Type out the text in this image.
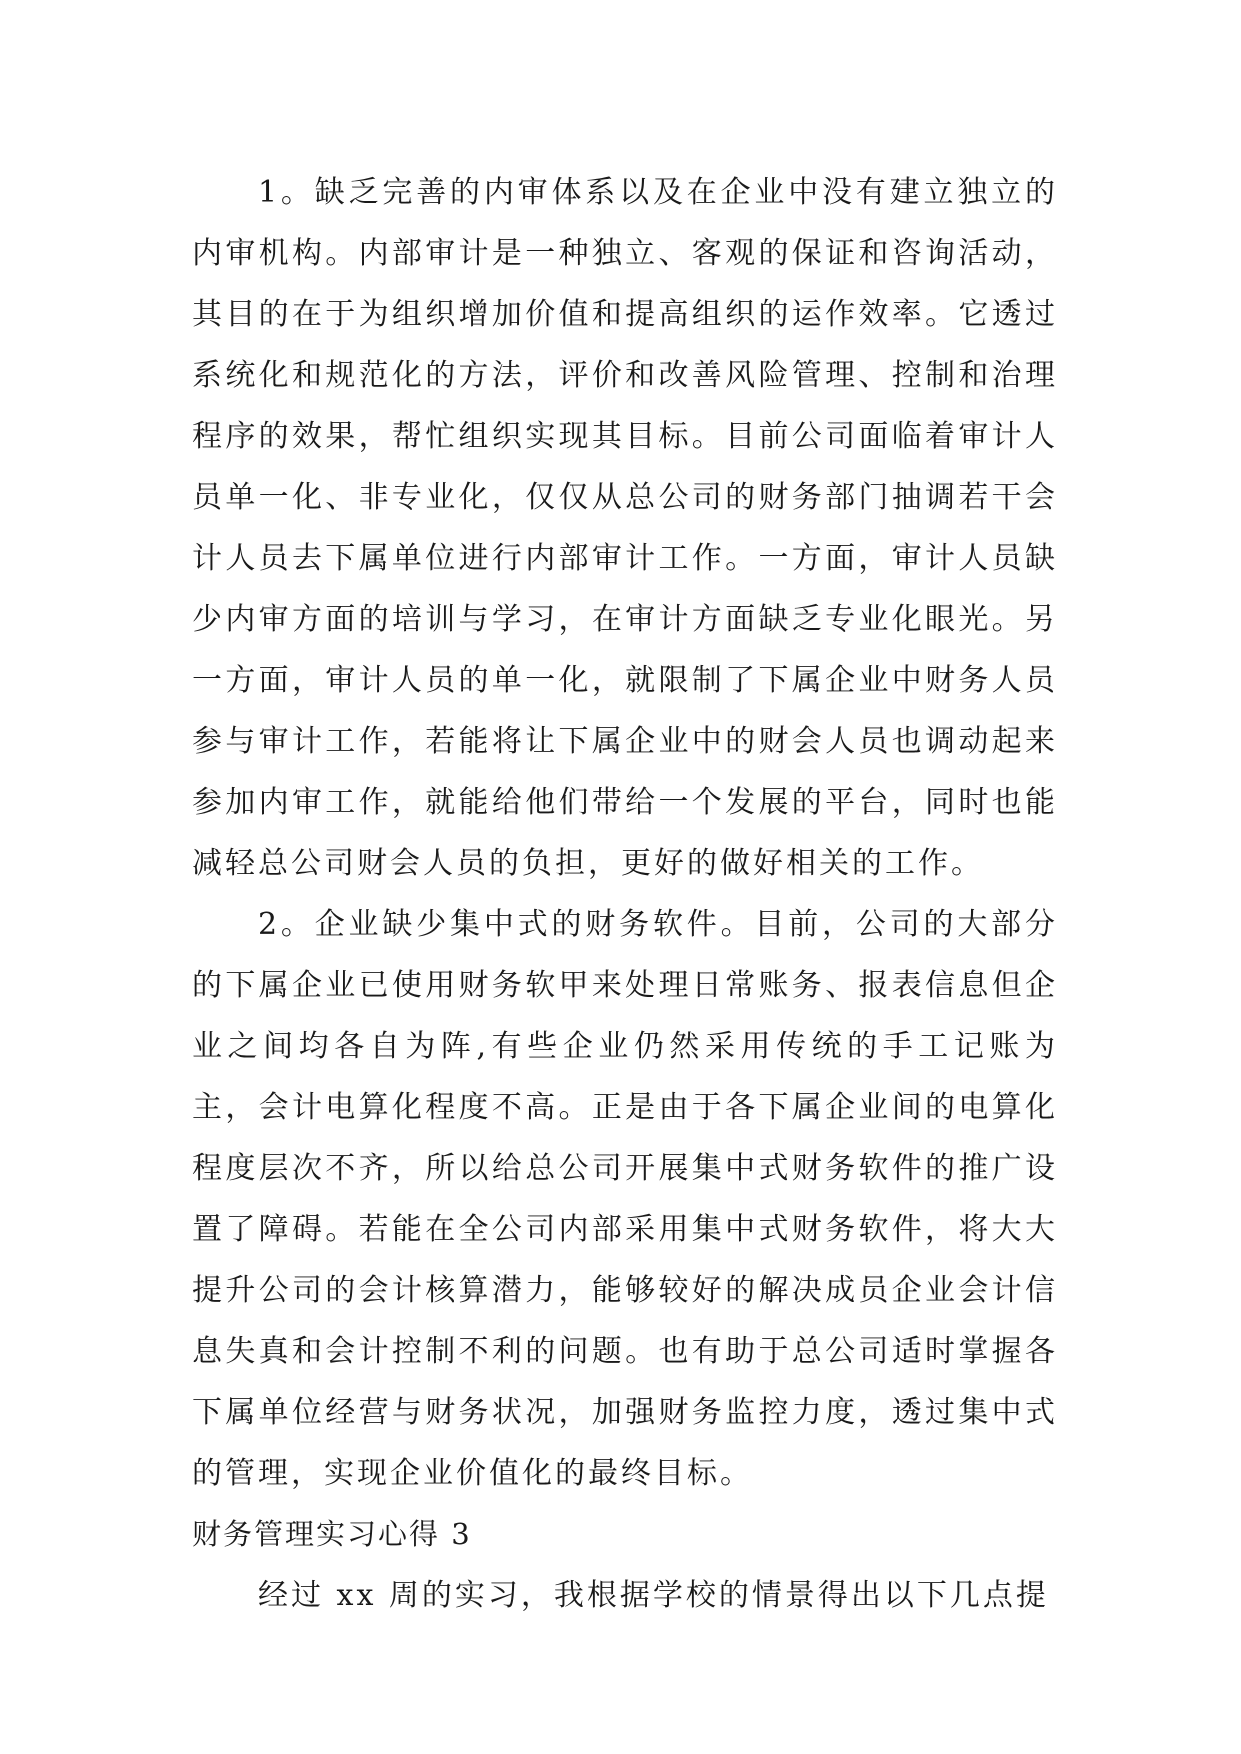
1。缺乏完善的内审体系以及在企业中没有建立独立的内审机构。内部审计是一种独立、客观的保证和咨询活动，其目的在于为组织增加价值和提高组织的运作效率。它透过系统化和规范化的方法，评价和改善风险管理、控制和治理程序的效果，帮忙组织实现其目标。目前公司面临着审计人员单一化、非专业化，仅仅从总公司的财务部门抽调若干会计人员去下属单位进行内部审计工作。一方面，审计人员缺少内审方面的培训与学习，在审计方面缺乏专业化眼光。另一方面，审计人员的单一化，就限制了下属企业中财务人员参与审计工作，若能将让下属企业中的财会人员也调动起来参加内审工作，就能给他们带给一个发展的平台，同时也能减轻总公司财会人员的负担，更好的做好相关的工作。

2。企业缺少集中式的财务软件。目前，公司的大部分的下属企业已使用财务软甲来处理日常账务、报表信息但企业之间均各自为阵,有些企业仍然采用传统的手工记账为主，会计电算化程度不高。正是由于各下属企业间的电算化程度层次不齐，所以给总公司开展集中式财务软件的推广设置了障碍。若能在全公司内部采用集中式财务软件，将大大提升公司的会计核算潜力，能够较好的解决成员企业会计信息失真和会计控制不利的问题。也有助于总公司适时掌握各下属单位经营与财务状况，加强财务监控力度，透过集中式的管理，实现企业价值化的最终目标。

财务管理实习心得 3

经过 xx 周的实习，我根据学校的情景得出以下几点提
